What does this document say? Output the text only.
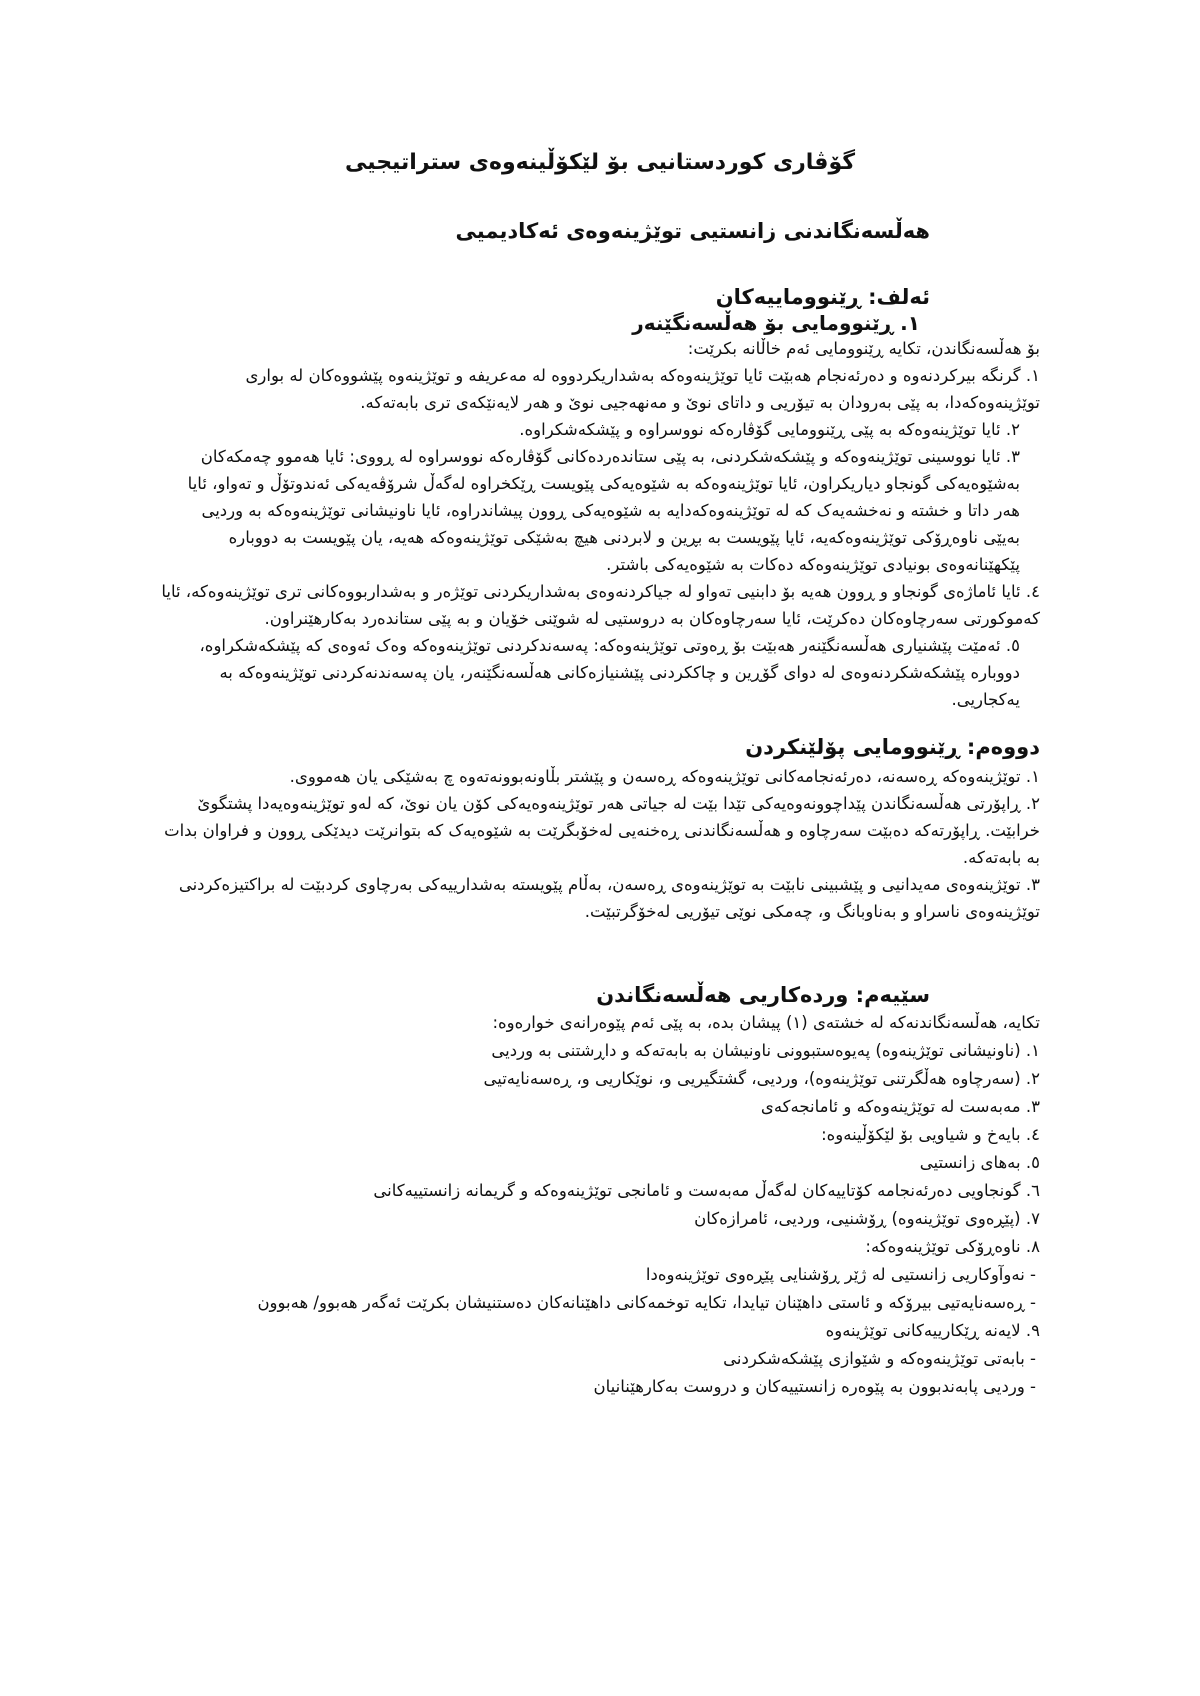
گۆڤاری کوردستانیی بۆ لێکۆڵینەوەی ستراتیجیی
هەڵسەنگاندنی زانستیی توێژینەوەی ئەکادیمیی
ئەلف: ڕێنووماییەکان
١. ڕێنوومایی بۆ هەڵسەنگێنەر

بۆ هەڵسەنگاندن، تکایە ڕێنوومایی ئەم خاڵانە بکرێت:

١. گرنگە بیرکردنەوە و دەرئەنجام هەبێت ئایا توێژینەوەکە بەشداریکردووە لە مەعریفە و توێژینەوە پێشووەکان لە بواری توێژینەوەکەدا، بە پێی بەرودان بە تیۆریی و داتای نوێ و مەنهەجیی نوێ و هەر لایەنێکەی تری بابەتەکە.

٢. ئایا توێژینەوەکە بە پێی ڕێنوومایی گۆڤارەکە نووسراوە و پێشکەشکراوە.

٣. ئایا نووسینی توێژینەوەکە و پێشکەشکردنی، بە پێی ستاندەردەکانی گۆڤارەکە نووسراوە لە ڕووی: ئایا هەموو چەمکەکان بەشێوەیەکی گونجاو دیاریکراون، ئایا توێژینەوەکە بە شێوەیەکی پێویست ڕێکخراوە لەگەڵ شرۆڤەیەکی ئەندوتۆڵ و تەواو، ئایا هەر داتا و خشتە و نەخشەیەک کە لە توێژینەوەکەدایە بە شێوەیەکی ڕوون پیشاندراوە، ئایا ناونیشانی توێژینەوەکە بە وردیی بەیێی ناوەڕۆکی توێژینەوەکەیە، ئایا پێویست بە بڕین و لابردنی هیچ بەشێکی توێژینەوەکە هەیە، یان پێویست بە دووبارە پێکهێنانەوەی بونیادی توێژینەوەکە دەکات بە شێوەیەکی باشتر.

٤. ئایا ئاماژەی گونجاو و ڕوون هەیە بۆ دابنیی تەواو لە جیاکردنەوەی بەشداریکردنی توێژەر و بەشداربووەکانی تری توێژینەوەکە، ئایا کەموکورتی سەرچاوەکان دەکرێت، ئایا سەرچاوەکان بە دروستیی لە شوێنی خۆیان و بە پێی ستاندەرد بەکارهێنراون.

٥. ئەمێت پێشنیاری هەڵسەنگێنەر هەبێت بۆ ڕەوتی توێژینەوەکە: پەسەندکردنی توێژینەوەکە وەک ئەوەی کە پێشکەشکراوە، دووبارە پێشکەشکردنەوەی لە دوای گۆڕین و چاککردنی پێشنیازەکانی هەڵسەنگێنەر، یان پەسەندنەکردنی توێژینەوەکە بە یەکجاریی.

دووەم: ڕێنوومایی پۆلێنکردن

١. توێژینەوەکە ڕەسەنە، دەرئەنجامەکانی توێژینەوەکە ڕەسەن و پێشتر بڵاونەبوونەتەوە چ بەشێکی یان هەمووی.

٢. ڕاپۆرتی هەڵسەنگاندن پێداچوونەوەیەکی تێدا بێت لە جیاتی هەر توێژینەوەیەکی کۆن یان نوێ، کە لەو توێژینەوەیەدا پشتگوێ خرابێت. ڕاپۆرتەکە دەبێت سەرچاوە و هەڵسەنگاندنی ڕەخنەیی لەخۆبگرێت بە شێوەیەک کە بتوانرێت دیدێکی ڕوون و فراوان بدات بە بابەتەکە.

٣. توێژینەوەی مەیدانیی و پێشبینی نابێت بە توێژینەوەی ڕەسەن، بەڵام پێویستە بەشدارییەکی بەرچاوی کردبێت لە براکتیزەکردنی توێژینەوەی ناسراو و بەناوبانگ و، چەمکی نوێی تیۆریی لەخۆگرتبێت.

سێیەم: وردەکاریی هەڵسەنگاندن

تکایە، هەڵسەنگاندنەکە لە خشتەی (١) پیشان بدە، بە پێی ئەم پێوەرانەی خوارەوە:

١. (ناونیشانی توێژینەوە) پەیوەستبوونی ناونیشان بە بابەتەکە و داڕشتنی بە وردیی

٢. (سەرچاوە هەڵگرتنی توێژینەوە)، وردیی، گشتگیریی و، نوێکاریی و، ڕەسەنایەتیی

٣. مەبەست لە توێژینەوەکە و ئامانجەکەی

٤. بایەخ و شیاویی بۆ لێکۆڵینەوە:

٥. بەهای زانستیی

٦. گونجاویی دەرئەنجامە کۆتاییەکان لەگەڵ مەبەست و ئامانجی توێژینەوەکە و گریمانە زانستییەکانی

٧. (پێڕەوی توێژینەوە) ڕۆشنیی، وردیی، ئامرازەکان

٨. ناوەڕۆکی توێژینەوەکە:

- نەوآوکاریی زانستیی لە ژێر ڕۆشنایی پێڕەوی توێژینەوەدا

- ڕەسەنایەتیی بیرۆکە و ئاستی داهێنان تیایدا، تکایە توخمەکانی داهێنانەکان دەستنیشان بکرێت ئەگەر هەبوو/ هەبوون

٩. لایەنە ڕێکارییەکانی توێژینەوە

- بابەتی توێژینەوەکە و شێوازی پێشکەشکردنی

- وردیی پابەندبوون بە پێوەرە زانستییەکان و دروست بەکارهێنانیان
